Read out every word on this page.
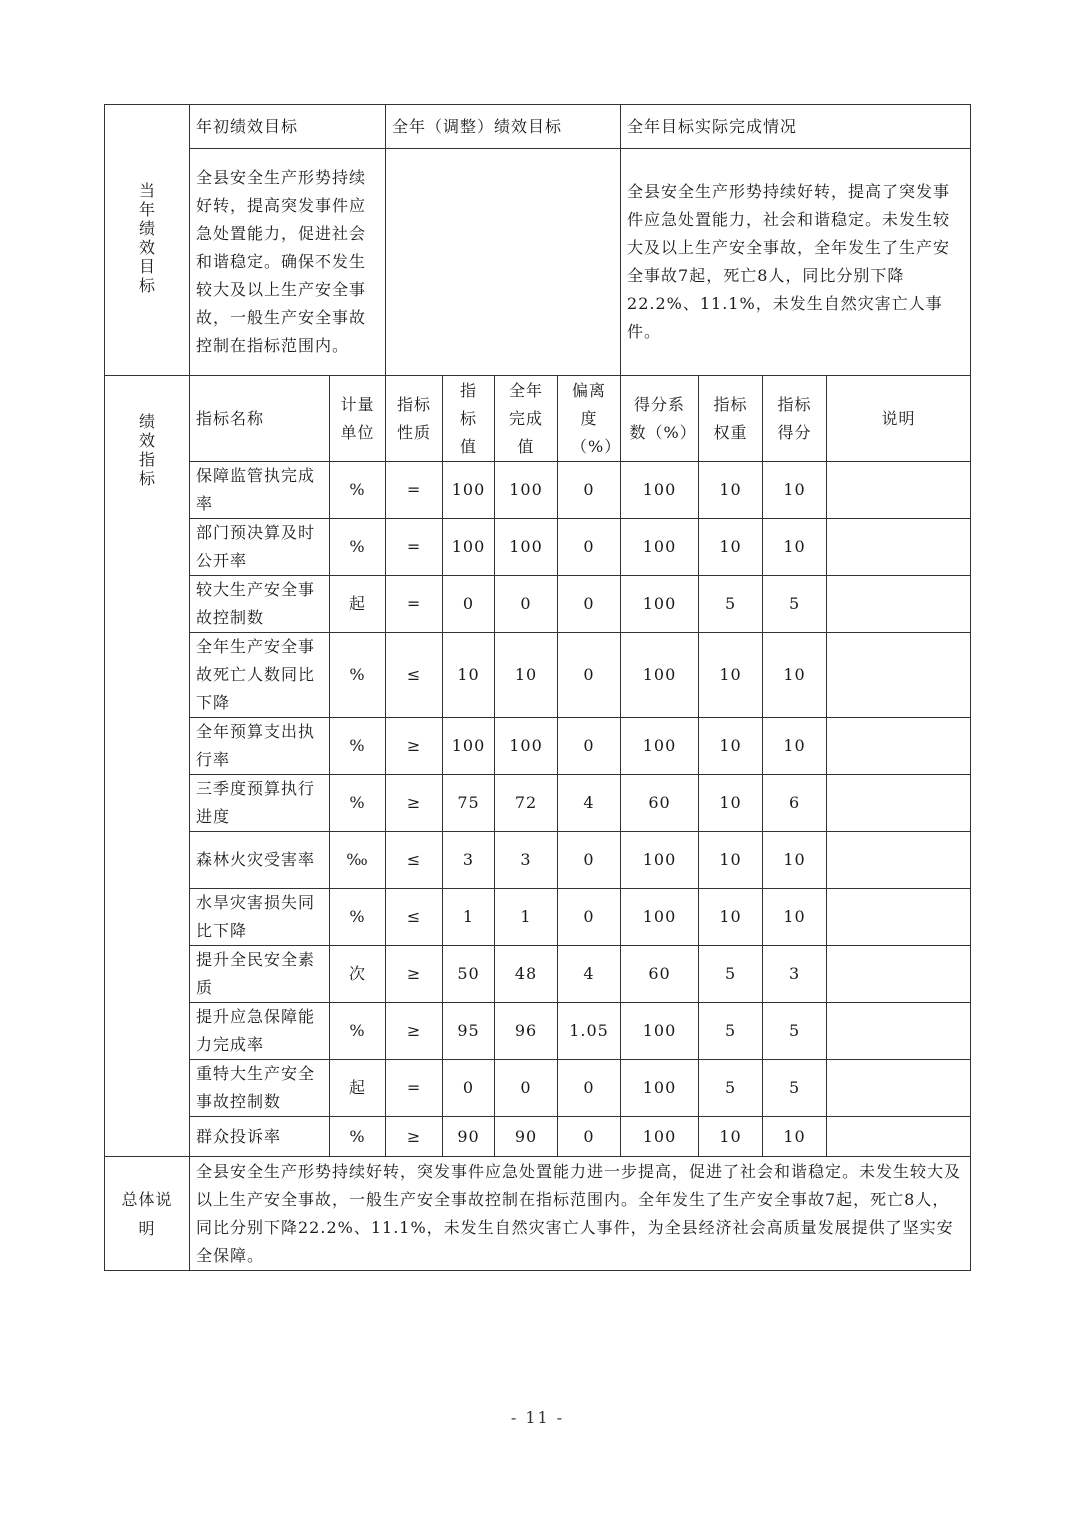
当年绩效目标	年初绩效目标		全年（调整）绩效目标				全年目标实际完成情况			
	全县安全生产形势持续好转，提高突发事件应急处置能力，促进社会和谐稳定。确保不发生较大及以上生产安全事故，一般生产安全事故控制在指标范围内。						全县安全生产形势持续好转，提高了突发事件应急处置能力，社会和谐稳定。未发生较大及以上生产安全事故，全年发生了生产安全事故7起，死亡8人，同比分别下降22.2%、11.1%，未发生自然灾害亡人事件。			
绩效指标	指标名称	计量单位	指标性质	指标值	全年完成值	偏离度（%）	得分系数（%）	指标权重	指标得分	说明
	保障监管执完成率	%	=	100	100	0	100	10	10	
	部门预决算及时公开率	%	=	100	100	0	100	10	10	
	较大生产安全事故控制数	起	=	0	0	0	100	5	5	
	全年生产安全事故死亡人数同比下降	%	≤	10	10	0	100	10	10	
	全年预算支出执行率	%	≥	100	100	0	100	10	10	
	三季度预算执行进度	%	≥	75	72	4	60	10	6	
	森林火灾受害率	‰	≤	3	3	0	100	10	10	
	水旱灾害损失同比下降	%	≤	1	1	0	100	10	10	
	提升全民安全素质	次	≥	50	48	4	60	5	3	
	提升应急保障能力完成率	%	≥	95	96	1.05	100	5	5	
	重特大生产安全事故控制数	起	=	0	0	0	100	5	5	
	群众投诉率	%	≥	90	90	0	100	10	10	
总体说明	全县安全生产形势持续好转，突发事件应急处置能力进一步提高，促进了社会和谐稳定。未发生较大及以上生产安全事故，一般生产安全事故控制在指标范围内。全年发生了生产安全事故7起，死亡8人，同比分别下降22.2%、11.1%，未发生自然灾害亡人事件，为全县经济社会高质量发展提供了坚实安全保障。									
- 11 -
